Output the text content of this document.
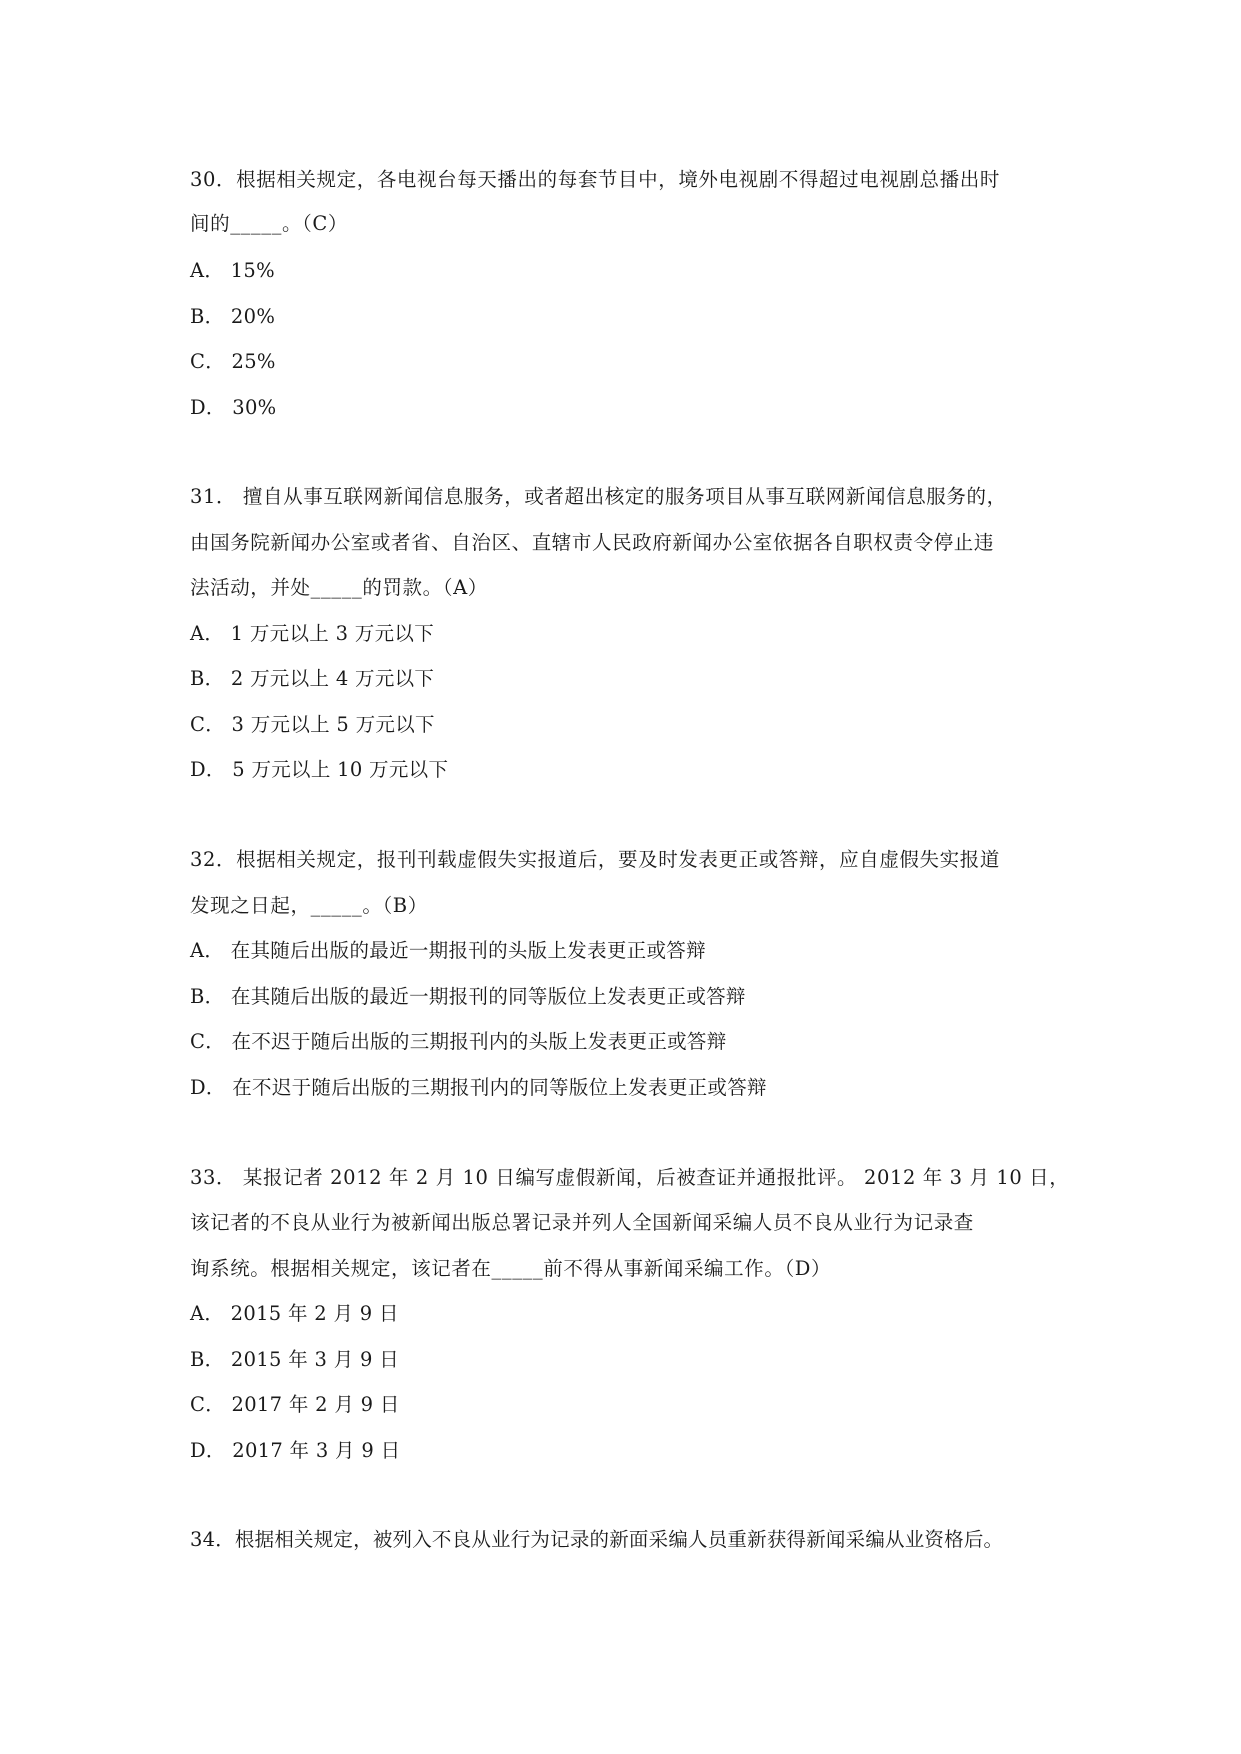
30．根据相关规定，各电视台每天播出的每套节目中，境外电视剧不得超过电视剧总播出时
间的_____。（C）
A． 15%
B． 20%
C． 25%
D． 30%
31． 擅自从事互联网新闻信息服务，或者超出核定的服务项目从事互联网新闻信息服务的，
由国务院新闻办公室或者省、自治区、直辖市人民政府新闻办公室依据各自职权责令停止违
法活动，并处_____的罚款。（A）
A． 1 万元以上 3 万元以下
B． 2 万元以上 4 万元以下
C． 3 万元以上 5 万元以下
D． 5 万元以上 10 万元以下
32．根据相关规定，报刊刊载虚假失实报道后，要及时发表更正或答辩，应自虚假失实报道
发现之日起，_____。（B）
A． 在其随后出版的最近一期报刊的头版上发表更正或答辩
B． 在其随后出版的最近一期报刊的同等版位上发表更正或答辩
C． 在不迟于随后出版的三期报刊内的头版上发表更正或答辩
D． 在不迟于随后出版的三期报刊内的同等版位上发表更正或答辩
33． 某报记者 2012 年 2 月 10 日编写虚假新闻，后被查证并通报批评。 2012 年 3 月 10 日，
该记者的不良从业行为被新闻出版总署记录并列人全国新闻采编人员不良从业行为记录查
询系统。根据相关规定，该记者在_____前不得从事新闻采编工作。（D）
A． 2015 年 2 月 9 日
B． 2015 年 3 月 9 日
C． 2017 年 2 月 9 日
D． 2017 年 3 月 9 日
34．根据相关规定，被列入不良从业行为记录的新面采编人员重新获得新闻采编从业资格后。
